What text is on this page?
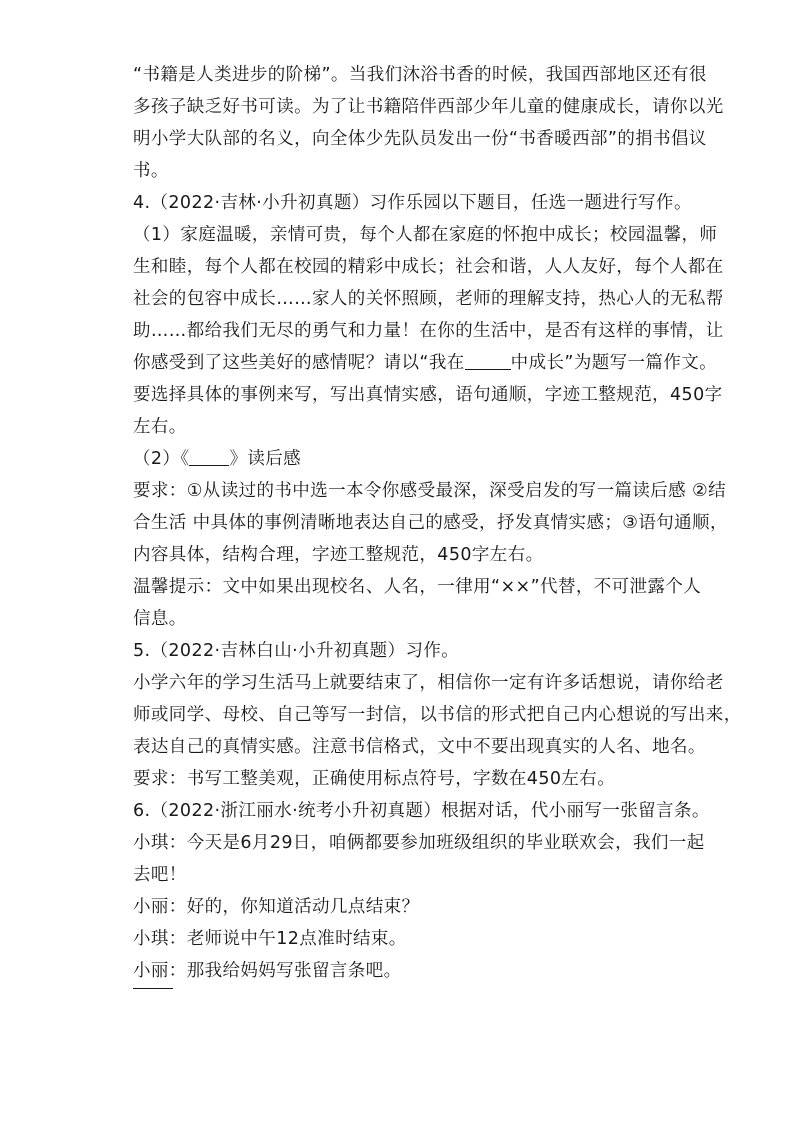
“书籍是人类进步的阶梯”。当我们沐浴书香的时候，我国西部地区还有很
多孩子缺乏好书可读。为了让书籍陪伴西部少年儿童的健康成长，请你以光
明小学大队部的名义，向全体少先队员发出一份“书香暖西部”的捐书倡议
书。
4.（2022·吉林·小升初真题）习作乐园以下题目，任选一题进行写作。
（1）家庭温暖，亲情可贵，每个人都在家庭的怀抱中成长；校园温馨，师
生和睦，每个人都在校园的精彩中成长；社会和谐，人人友好，每个人都在
社会的包容中成长……家人的关怀照顾，老师的理解支持，热心人的无私帮
助……都给我们无尽的勇气和力量！在你的生活中，是否有这样的事情，让
你感受到了这些美好的感情呢？请以“我在	中成长”为题写一篇作文。
要选择具体的事例来写，写出真情实感，语句通顺，字迹工整规范，450字
左右。
（2）《 》读后感
要求：①从读过的书中选一本令你感受最深，深受启发的写一篇读后感 ②结
合生活 中具体的事例清晰地表达自己的感受，抒发真情实感；③语句通顺，
内容具体，结构合理，字迹工整规范，450字左右。
温馨提示：文中如果出现校名、人名，一律用“××”代替，不可泄露个人
信息。
5.（2022·吉林白山·小升初真题）习作。
小学六年的学习生活马上就要结束了，相信你一定有许多话想说，请你给老
师或同学、母校、自己等写一封信，以书信的形式把自己内心想说的写出来，
表达自己的真情实感。注意书信格式，文中不要出现真实的人名、地名。
要求：书写工整美观，正确使用标点符号，字数在450左右。
6.（2022·浙江丽水·统考小升初真题）根据对话，代小丽写一张留言条。
小琪：今天是6月29日，咱俩都要参加班级组织的毕业联欢会，我们一起
去吧！
小丽：好的，你知道活动几点结束？
小琪：老师说中午12点准时结束。
小丽：那我给妈妈写张留言条吧。
